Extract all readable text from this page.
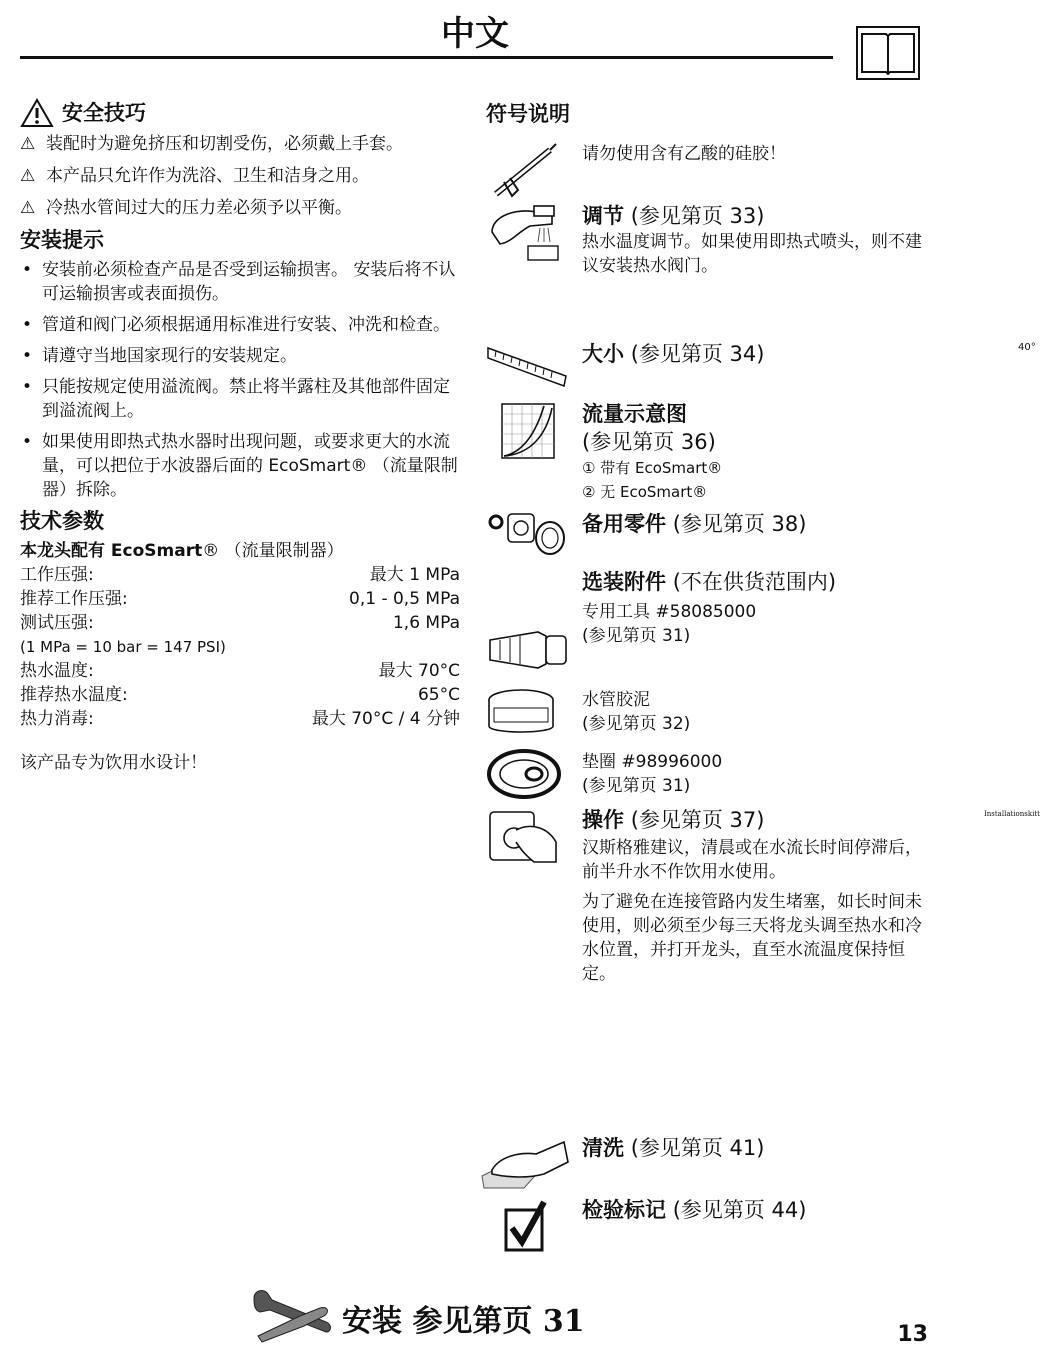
中文
安全技巧
⚠ 装配时为避免挤压和切割受伤，必须戴上手套。
⚠ 本产品只允许作为洗浴、卫生和洁身之用。
⚠ 冷热水管间过大的压力差必须予以平衡。
安装提示
• 安装前必须检查产品是否受到运输损害。 安装后将不认可运输损害或表面损伤。
• 管道和阀门必须根据通用标准进行安装、冲洗和检查。
• 请遵守当地国家现行的安装规定。
• 只能按规定使用溢流阀。禁止将半露柱及其他部件固定到溢流阀上。
• 如果使用即热式热水器时出现问题，或要求更大的水流量，可以把位于水波器后面的 EcoSmart® （流量限制器）拆除。
技术参数
本龙头配有 EcoSmart® （流量限制器）
工作压强:	最大 1 MPa
推荐工作压强:	0,1 - 0,5 MPa
测试压强:	1,6 MPa
(1 MPa = 10 bar = 147 PSI)
热水温度:	最大 70°C
推荐热水温度:	65°C
热力消毒:	最大 70°C / 4 分钟
该产品专为饮用水设计！
符号说明
请勿使用含有乙酸的硅胶！
40°
调节 (参见第页 33)
热水温度调节。如果使用即热式喷头，则不建议安装热水阀门。
大小 (参见第页 34)
流量示意图
(参见第页 36)
① 带有 EcoSmart®
② 无 EcoSmart®
备用零件 (参见第页 38)
选装附件 (不在供货范围内)
专用工具 #58085000
(参见第页 31)
Installationskitt
水管胶泥
(参见第页 32)
垫圈 #98996000
(参见第页 31)
操作 (参见第页 37)
汉斯格雅建议，清晨或在水流长时间停滞后，前半升水不作饮用水使用。
为了避免在连接管路内发生堵塞，如长时间未使用，则必须至少每三天将龙头调至热水和冷水位置，并打开龙头，直至水流温度保持恒定。
清洗 (参见第页 41)
检验标记 (参见第页 44)
安装 参见第页 31	13
